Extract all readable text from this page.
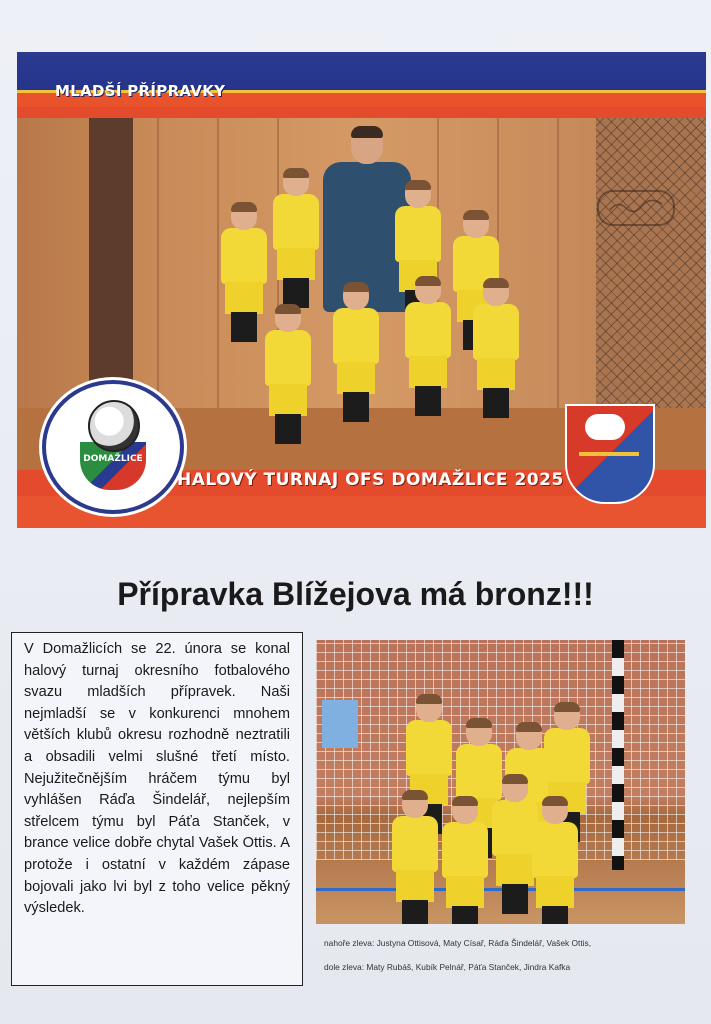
MLADŠÍ PŘÍPRAVKY
HALOVÝ TURNAJ OFS DOMAŽLICE 2025
DOMAŽLICE
Přípravka Blížejova má bronz!!!

V Domažlicích se 22. února se konal halový turnaj okresního fotbalového svazu mladších přípravek. Naši nejmladší se v konkurenci mnohem větších klubů okresu rozhodně neztratili a obsadili velmi slušné třetí místo. Nejužitečnějším hráčem týmu byl vyhlášen Ráďa Šindelář, nejlepším střelcem týmu byl Páťa Stanček, v brance velice dobře chytal Vašek Ottis. A protože i ostatní v každém zápase bojovali jako lvi byl z toho velice pěkný výsledek.

nahoře zleva: Justyna Ottisová, Maty Císař, Ráďa Šindelář, Vašek Ottis,
dole zleva: Maty Rubáš, Kubík Pelnář, Páťa Stanček, Jindra Kafka
